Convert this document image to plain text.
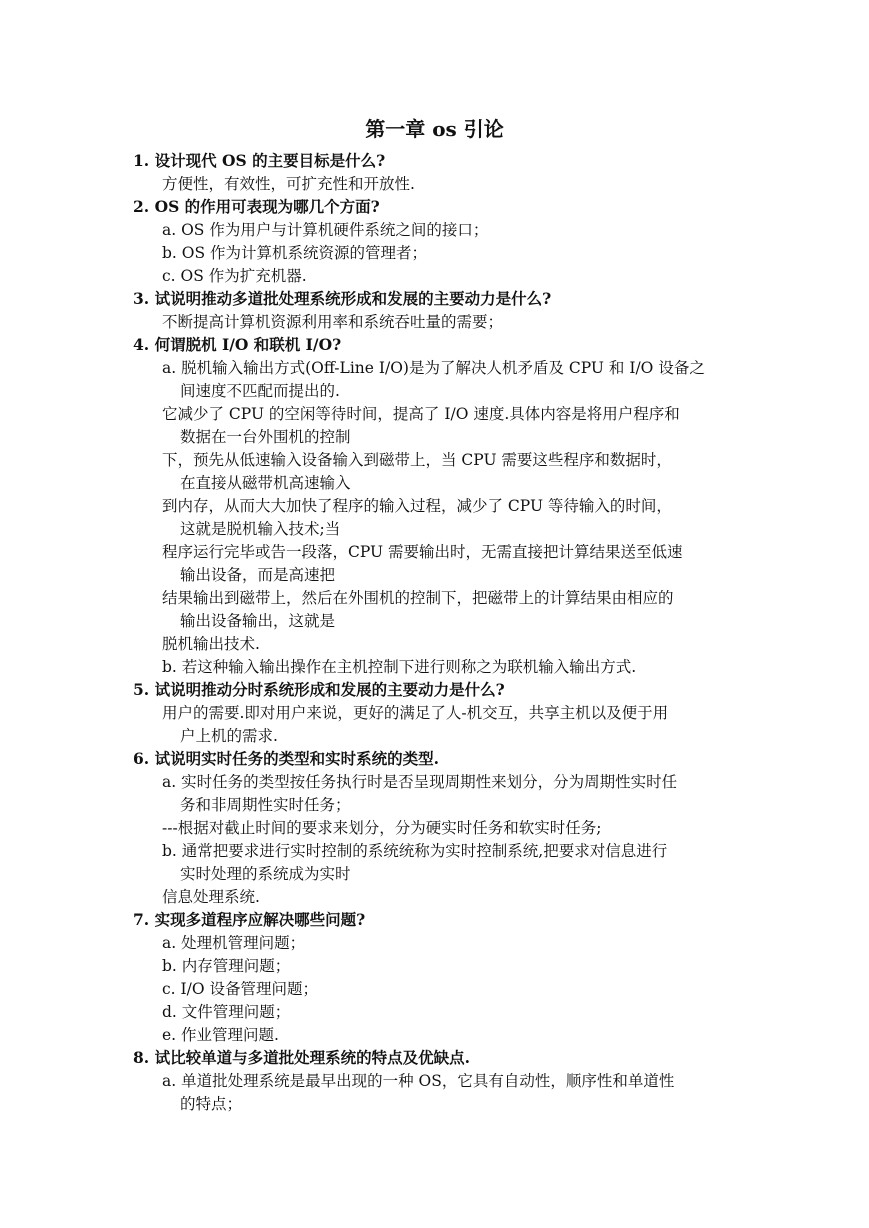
第一章 os 引论
1. 设计现代 OS 的主要目标是什么?
方便性，有效性，可扩充性和开放性.
2. OS 的作用可表现为哪几个方面?
a. OS 作为用户与计算机硬件系统之间的接口；
b. OS 作为计算机系统资源的管理者；
c. OS 作为扩充机器.
3. 试说明推动多道批处理系统形成和发展的主要动力是什么?
不断提高计算机资源利用率和系统吞吐量的需要；
4. 何谓脱机 I/O 和联机 I/O?
a. 脱机输入输出方式(Off-Line I/O)是为了解决人机矛盾及 CPU 和 I/O 设备之
间速度不匹配而提出的.
它减少了 CPU 的空闲等待时间，提高了 I/O 速度.具体内容是将用户程序和
数据在一台外围机的控制
下，预先从低速输入设备输入到磁带上，当 CPU 需要这些程序和数据时，
在直接从磁带机高速输入
到内存，从而大大加快了程序的输入过程，减少了 CPU 等待输入的时间，
这就是脱机输入技术;当
程序运行完毕或告一段落，CPU 需要输出时，无需直接把计算结果送至低速
输出设备，而是高速把
结果输出到磁带上，然后在外围机的控制下，把磁带上的计算结果由相应的
输出设备输出，这就是
脱机输出技术.
b. 若这种输入输出操作在主机控制下进行则称之为联机输入输出方式.
5. 试说明推动分时系统形成和发展的主要动力是什么?
用户的需要.即对用户来说，更好的满足了人-机交互，共享主机以及便于用
户上机的需求.
6. 试说明实时任务的类型和实时系统的类型.
a. 实时任务的类型按任务执行时是否呈现周期性来划分，分为周期性实时任
务和非周期性实时任务；
---根据对截止时间的要求来划分，分为硬实时任务和软实时任务;
b. 通常把要求进行实时控制的系统统称为实时控制系统,把要求对信息进行
实时处理的系统成为实时
信息处理系统.
7. 实现多道程序应解决哪些问题?
a. 处理机管理问题；
b. 内存管理问题；
c. I/O 设备管理问题；
d. 文件管理问题；
e. 作业管理问题.
8. 试比较单道与多道批处理系统的特点及优缺点.
a. 单道批处理系统是最早出现的一种 OS，它具有自动性，顺序性和单道性
的特点；
